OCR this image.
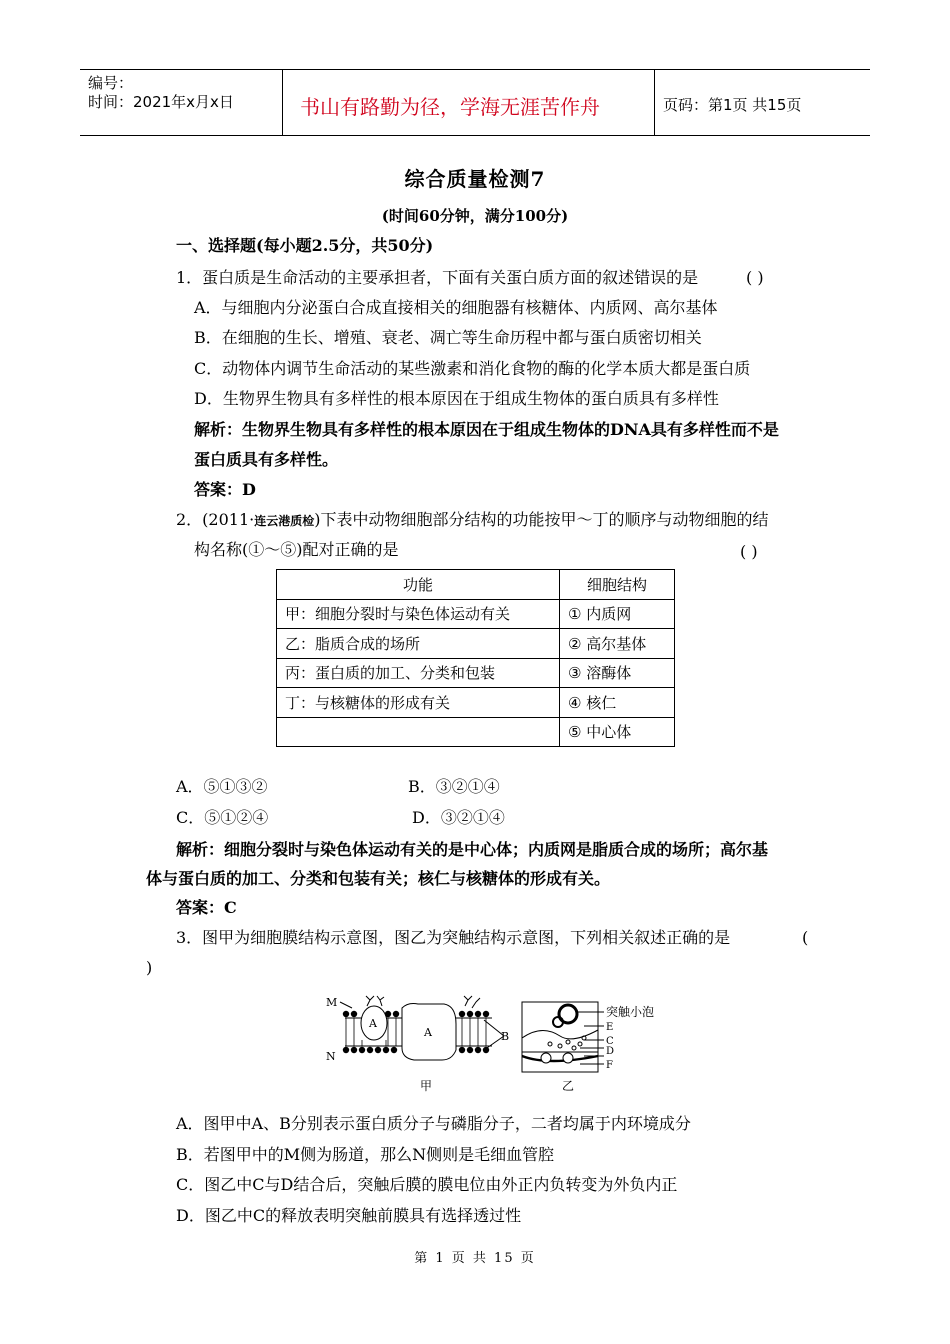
编号：
时间：2021年x月x日	书山有路勤为径，学海无涯苦作舟	页码：第1页 共15页
综合质量检测7
(时间60分钟，满分100分)
一、选择题(每小题2.5分，共50分)
1．蛋白质是生命活动的主要承担者，下面有关蛋白质方面的叙述错误的是	( )
A．与细胞内分泌蛋白合成直接相关的细胞器有核糖体、内质网、高尔基体
B．在细胞的生长、增殖、衰老、凋亡等生命历程中都与蛋白质密切相关
C．动物体内调节生命活动的某些激素和消化食物的酶的化学本质大都是蛋白质
D．生物界生物具有多样性的根本原因在于组成生物体的蛋白质具有多样性
解析：生物界生物具有多样性的根本原因在于组成生物体的DNA具有多样性而不是
蛋白质具有多样性。
答案：D
2．(2011·连云港质检)下表中动物细胞部分结构的功能按甲～丁的顺序与动物细胞的结
构名称(①～⑤)配对正确的是	( )
功能	细胞结构
甲：细胞分裂时与染色体运动有关	① 内质网
乙：脂质合成的场所	② 高尔基体
丙：蛋白质的加工、分类和包装	③ 溶酶体
丁：与核糖体的形成有关	④ 核仁
	⑤ 中心体
A．⑤①③②	B．③②①④
C．⑤①②④	D．③②①④
解析：细胞分裂时与染色体运动有关的是中心体；内质网是脂质合成的场所；高尔基
体与蛋白质的加工、分类和包装有关；核仁与核糖体的形成有关。
答案：C
3．图甲为细胞膜结构示意图，图乙为突触结构示意图，下列相关叙述正确的是	(
)
M
N
A
A	B
甲
突触小泡
E
C
D
F
乙
A．图甲中A、B分别表示蛋白质分子与磷脂分子，二者均属于内环境成分
B．若图甲中的M侧为肠道，那么N侧则是毛细血管腔
C．图乙中C与D结合后，突触后膜的膜电位由外正内负转变为外负内正
D．图乙中C的释放表明突触前膜具有选择透过性
第 1 页 共 15 页
